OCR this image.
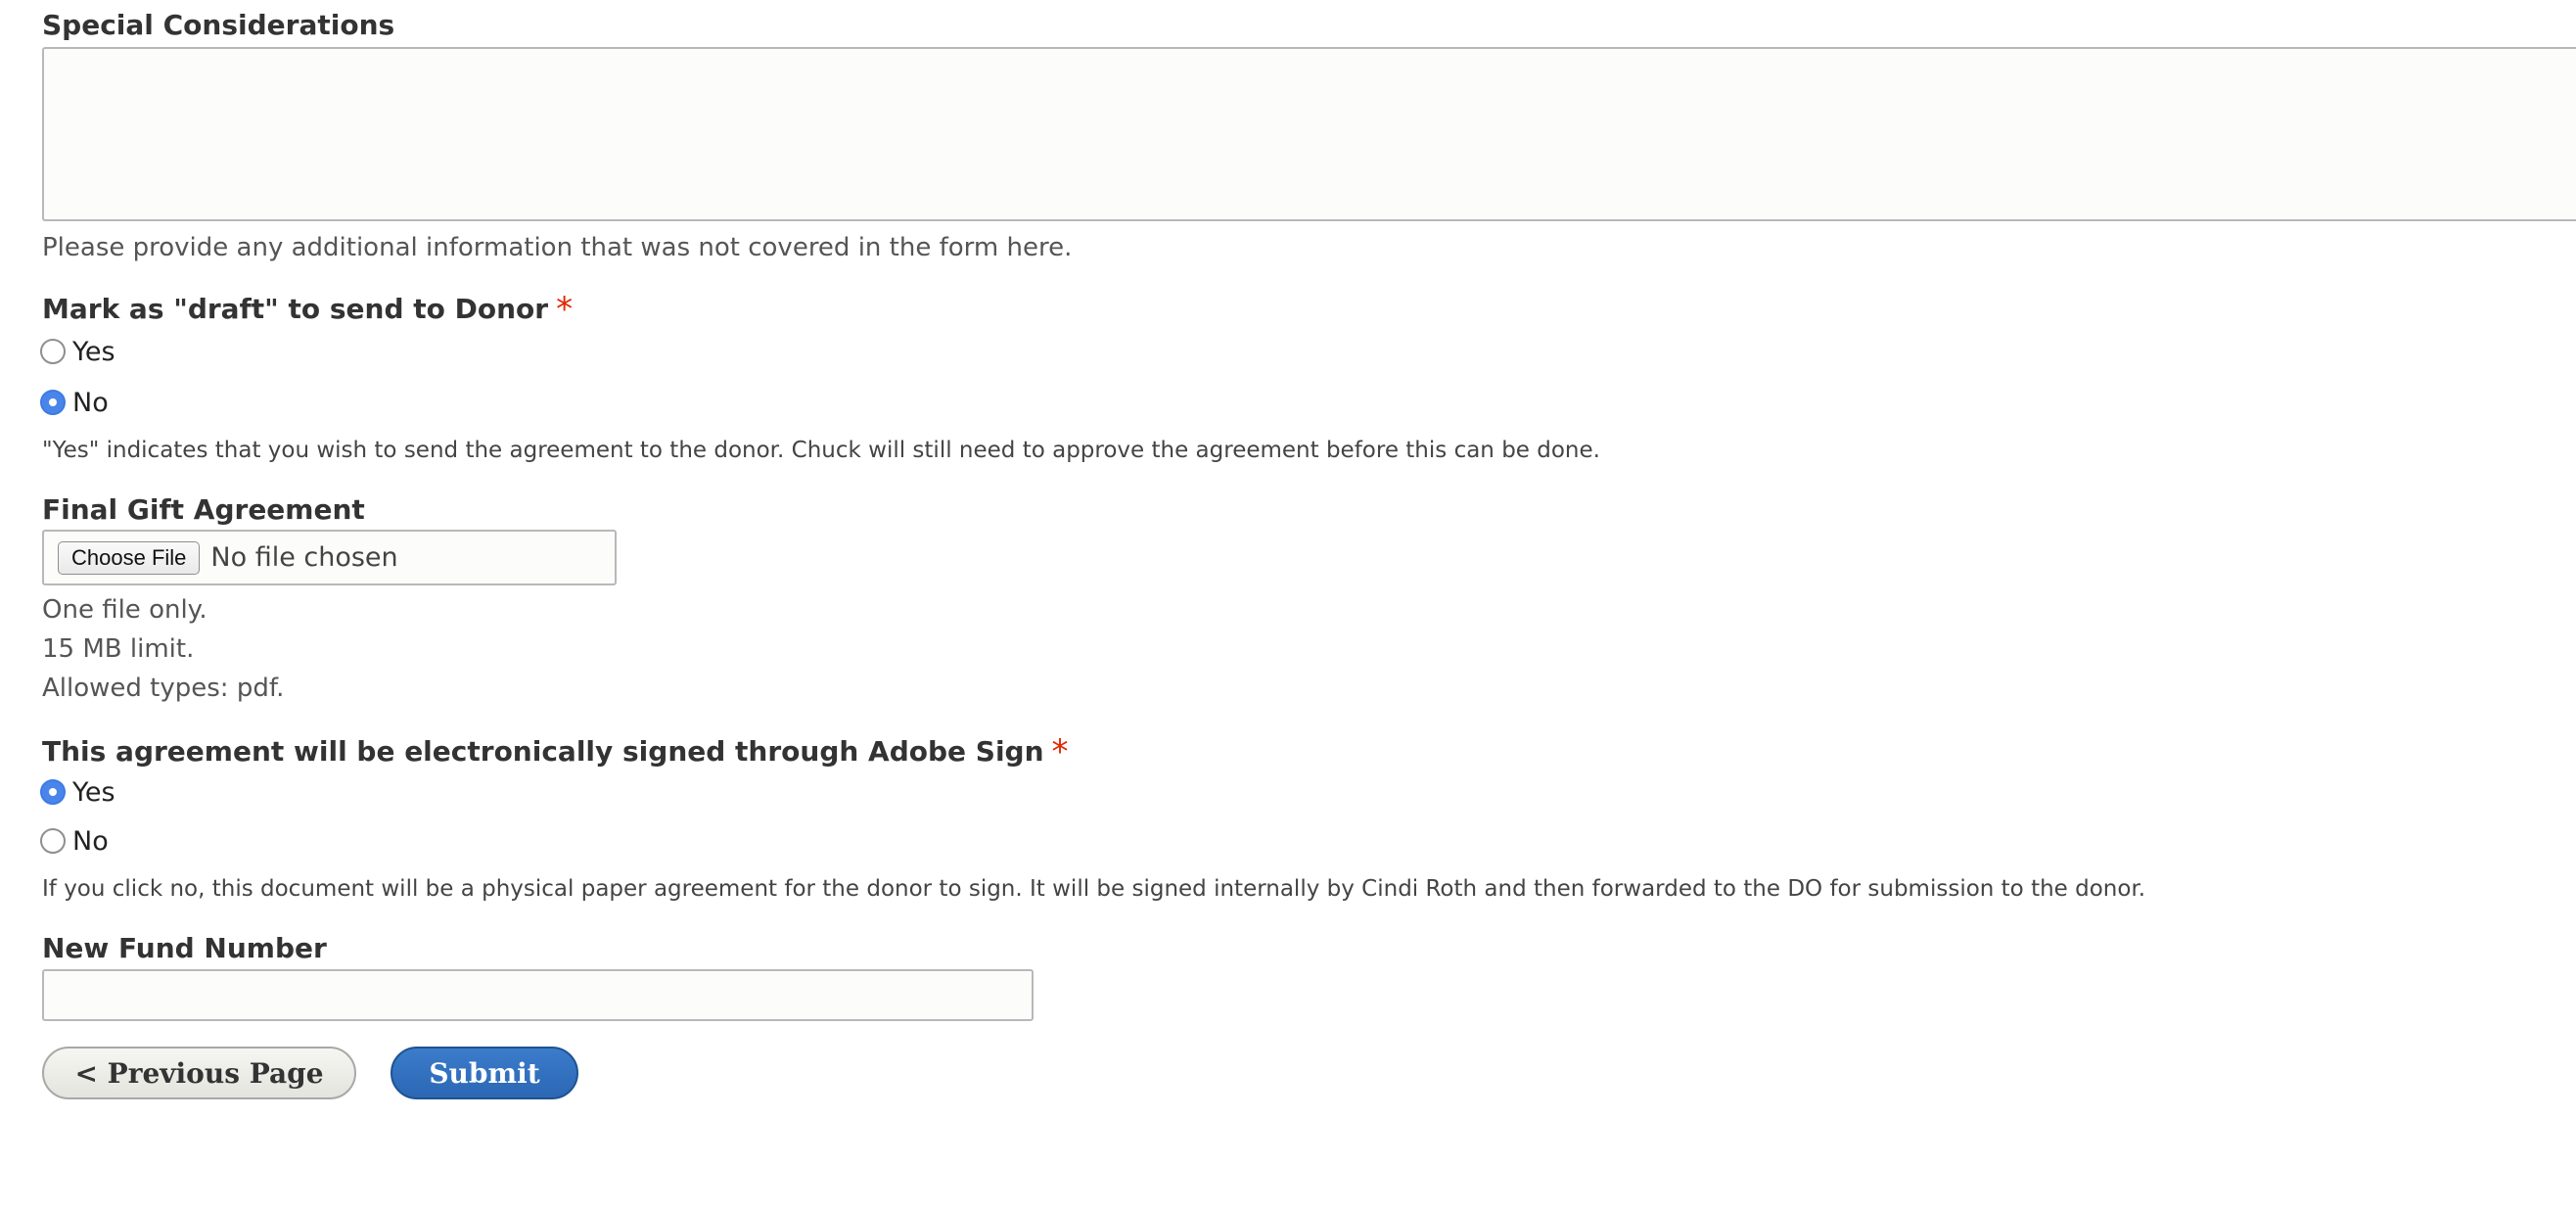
Special Considerations
Please provide any additional information that was not covered in the form here.
Mark as "draft" to send to Donor *
Yes
No
"Yes" indicates that you wish to send the agreement to the donor. Chuck will still need to approve the agreement before this can be done.
Final Gift Agreement
Choose File No file chosen
One file only.
15 MB limit.
Allowed types: pdf.
This agreement will be electronically signed through Adobe Sign *
Yes
No
If you click no, this document will be a physical paper agreement for the donor to sign. It will be signed internally by Cindi Roth and then forwarded to the DO for submission to the donor.
New Fund Number
< Previous Page	Submit
